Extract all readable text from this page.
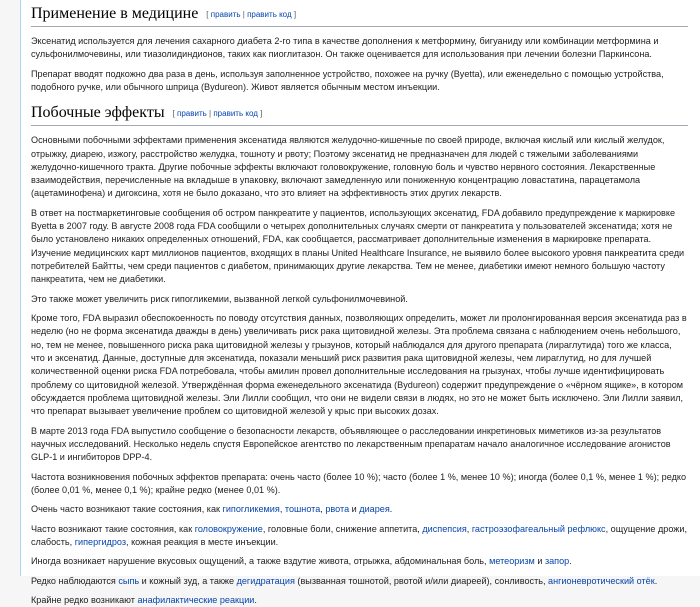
Применение в медицине [ править | править код ]

Эксенатид используется для лечения сахарного диабета 2-го типа в качестве дополнения к метформину, бигуаниду или комбинации метформина и сульфонилмочевины, или тиазолидиндионов, таких как пиоглитазон. Он также оценивается для использования при лечении болезни Паркинсона.

Препарат вводят подкожно два раза в день, используя заполненное устройство, похожее на ручку (Byetta), или еженедельно с помощью устройства, подобного ручке, или обычного шприца (Bydureon). Живот является обычным местом инъекции.

Побочные эффекты [ править | править код ]

Основными побочными эффектами применения эксенатида являются желудочно-кишечные по своей природе, включая кислый или кислый желудок, отрыжку, диарею, изжогу, расстройство желудка, тошноту и рвоту; Поэтому эксенатид не предназначен для людей с тяжелыми заболеваниями желудочно-кишечного тракта. Другие побочные эффекты включают головокружение, головную боль и чувство нервного состояния. Лекарственные взаимодействия, перечисленные на вкладыше в упаковку, включают замедленную или пониженную концентрацию ловастатина, парацетамола (ацетаминофена) и дигоксина, хотя не было доказано, что это влияет на эффективность этих других лекарств.

В ответ на постмаркетинговые сообщения об остром панкреатите у пациентов, использующих эксенатид, FDA добавило предупреждение к маркировке Byetta в 2007 году. В августе 2008 года FDA сообщили о четырех дополнительных случаях смерти от панкреатита у пользователей эксенатида; хотя не было установлено никаких определенных отношений, FDA, как сообщается, рассматривает дополнительные изменения в маркировке препарата. Изучение медицинских карт миллионов пациентов, входящих в планы United Healthcare Insurance, не выявило более высокого уровня панкреатита среди потребителей Байтты, чем среди пациентов с диабетом, принимающих другие лекарства. Тем не менее, диабетики имеют немного большую частоту панкреатита, чем не диабетики.

Это также может увеличить риск гипогликемии, вызванной легкой сульфонилмочевиной.

Кроме того, FDA выразил обеспокоенность по поводу отсутствия данных, позволяющих определить, может ли пролонгированная версия эксенатида раз в неделю (но не форма эксенатида дважды в день) увеличивать риск рака щитовидной железы. Эта проблема связана с наблюдением очень небольшого, но, тем не менее, повышенного риска рака щитовидной железы у грызунов, который наблюдался для другого препарата (лираглутида) того же класса, что и эксенатид. Данные, доступные для эксенатида, показали меньший риск развития рака щитовидной железы, чем лираглутид, но для лучшей количественной оценки риска FDA потребовала, чтобы амилин провел дополнительные исследования на грызунах, чтобы лучше идентифицировать проблему со щитовидной железой. Утверждённая форма еженедельного эксенатида (Bydureon) содержит предупреждение о «чёрном ящике», в котором обсуждается проблема щитовидной железы. Эли Лилли сообщил, что они не видели связи в людях, но это не может быть исключено. Эли Лилли заявил, что препарат вызывает увеличение проблем со щитовидной железой у крыс при высоких дозах.

В марте 2013 года FDA выпустило сообщение о безопасности лекарств, объявляющее о расследовании инкретиновых миметиков из-за результатов научных исследований. Несколько недель спустя Европейское агентство по лекарственным препаратам начало аналогичное исследование агонистов GLP-1 и ингибиторов DPP-4.

Частота возникновения побочных эффектов препарата: очень часто (более 10 %); часто (более 1 %, менее 10 %); иногда (более 0,1 %, менее 1 %); редко (более 0,01 %, менее 0,1 %); крайне редко (менее 0,01 %).

Очень часто возникают такие состояния, как гипогликемия, тошнота, рвота и диарея.

Часто возникают такие состояния, как головокружение, головные боли, снижение аппетита, диспепсия, гастроэзофагеальный рефлюкс, ощущение дрожи, слабость, гипергидроз, кожная реакция в месте инъекции.

Иногда возникает нарушение вкусовых ощущений, а также вздутие живота, отрыжка, абдоминальная боль, метеоризм и запор.

Редко наблюдаются сыпь и кожный зуд, а также дегидратация (вызванная тошнотой, рвотой и/или диареей), сонливость, ангионевротический отёк.

Крайне редко возникают анафилактические реакции.
